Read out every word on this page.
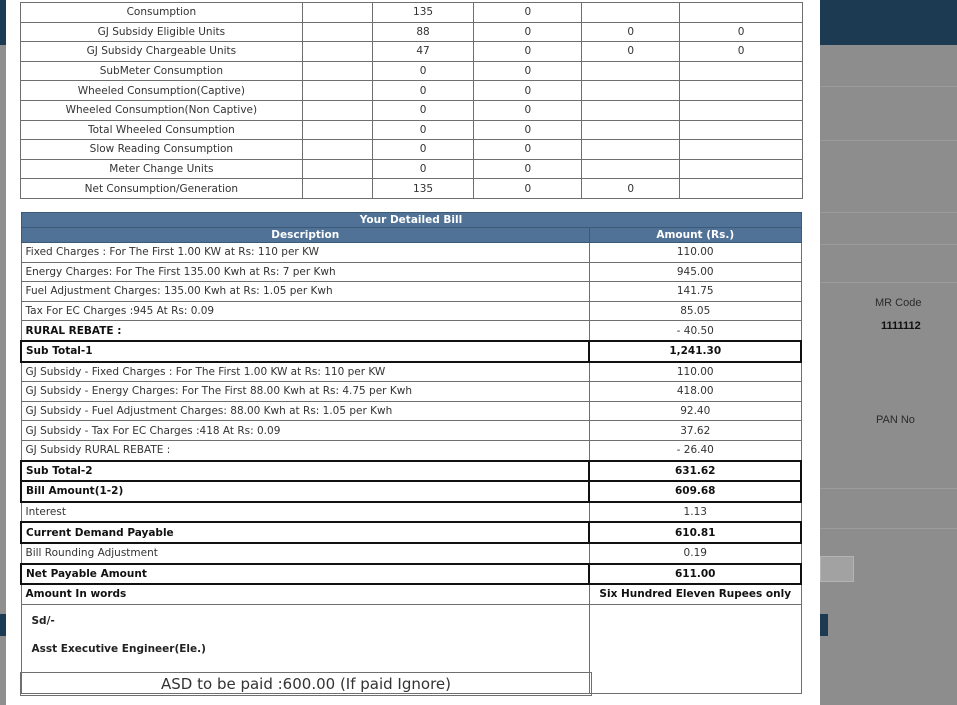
MR Code
1111112
PAN No
Consumption		135	0		
GJ Subsidy Eligible Units		88	0	0	0
GJ Subsidy Chargeable Units		47	0	0	0
SubMeter Consumption		0	0		
Wheeled Consumption(Captive)		0	0		
Wheeled Consumption(Non Captive)		0	0		
Total Wheeled Consumption		0	0		
Slow Reading Consumption		0	0		
Meter Change Units		0	0		
Net Consumption/Generation		135	0	0	
Your Detailed Bill	
Description	Amount (Rs.)
Fixed Charges : For The First 1.00 KW at Rs: 110 per KW	110.00
Energy Charges: For The First 135.00 Kwh at Rs: 7 per Kwh	945.00
Fuel Adjustment Charges: 135.00 Kwh at Rs: 1.05 per Kwh	141.75
Tax For EC Charges :945 At Rs: 0.09	85.05
RURAL REBATE :	- 40.50
Sub Total-1	1,241.30
GJ Subsidy - Fixed Charges : For The First 1.00 KW at Rs: 110 per KW	110.00
GJ Subsidy - Energy Charges: For The First 88.00 Kwh at Rs: 4.75 per Kwh	418.00
GJ Subsidy - Fuel Adjustment Charges: 88.00 Kwh at Rs: 1.05 per Kwh	92.40
GJ Subsidy - Tax For EC Charges :418 At Rs: 0.09	37.62
GJ Subsidy RURAL REBATE :	- 26.40
Sub Total-2	631.62
Bill Amount(1-2)	609.68
Interest	1.13
Current Demand Payable	610.81
Bill Rounding Adjustment	0.19
Net Payable Amount	611.00
Amount In words	Six Hundred Eleven Rupees only

Sd/-
Asst Executive Engineer(Ele.)	

ASD to be paid :600.00 (If paid Ignore)
